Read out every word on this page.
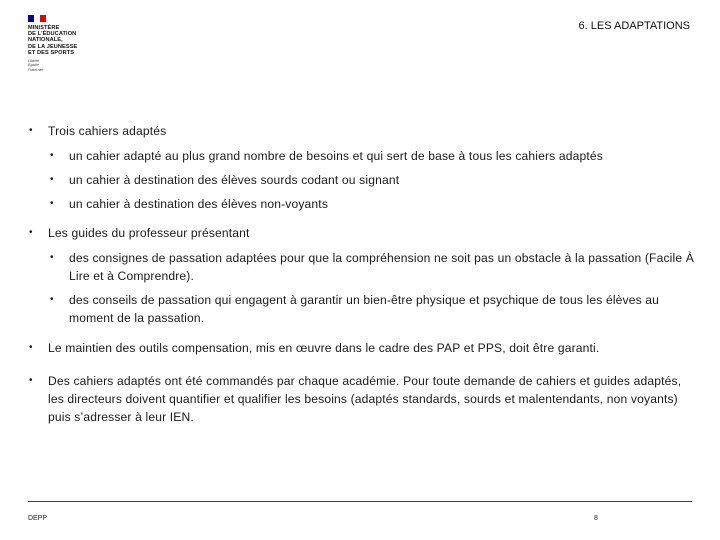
MINISTÈRE
DE L'ÉDUCATION
NATIONALE,
DE LA JEUNESSE
ET DES SPORTS
Liberté
Égalité
Fraternité
6. LES ADAPTATIONS
• Trois cahiers adaptés
• un cahier adapté au plus grand nombre de besoins et qui sert de base à tous les cahiers adaptés
• un cahier à destination des élèves sourds codant ou signant
• un cahier à destination des élèves non-voyants
• Les guides du professeur présentant
• des consignes de passation adaptées pour que la compréhension ne soit pas un obstacle à la passation (Facile À Lire et à Comprendre).
• des conseils de passation qui engagent à garantir un bien-être physique et psychique de tous les élèves au moment de la passation.
• Le maintien des outils compensation, mis en œuvre dans le cadre des PAP et PPS, doit être garanti.
• Des cahiers adaptés ont été commandés par chaque académie. Pour toute demande de cahiers et guides adaptés, les directeurs doivent quantifier et qualifier les besoins (adaptés standards, sourds et malentendants, non voyants) puis s’adresser à leur IEN.
DEPP	8
